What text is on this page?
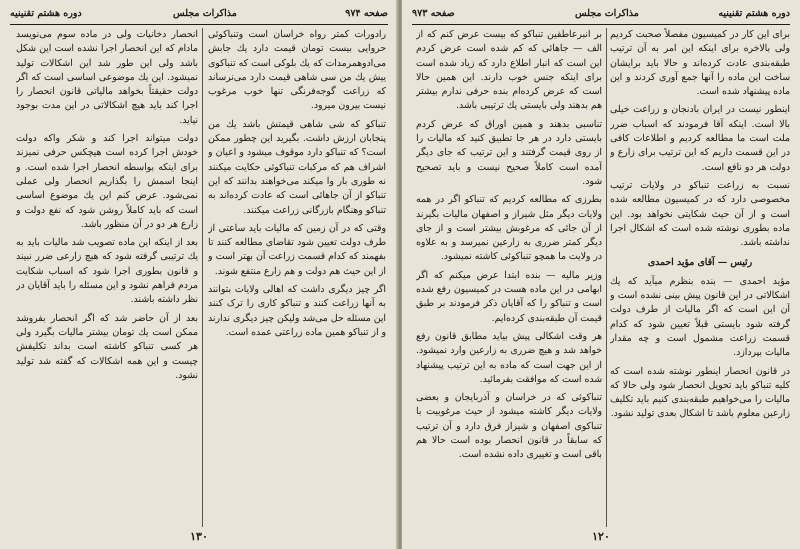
صفحه ۹۷۴
مذاکرات مجلس
دوره هشتم تقنینیه

رادورات کمتر رواه خراسان است وتنباکوئی حروایی بیست تومان قیمت دارد یك جابش می‌ادوهمرمدات که یك بلوکی است که تنباکوی ییش یك من سی شاهی قیمت دارد می‌نرساند که زراعت گوجه‌فرنگی تنها خوب مرغوب نیست بیرون میرود.

تنباکو که شی شاهی قیمتش باشد یك من پنجابان ارزش داشت. بگیرید این چطور ممکن است؟ که تنباکو دارد موقوف میشود و اعیان و اشراف هم که مرکبات تنباکوئی حکایت میکنند نه طوری بار وا میکند می‌خواهند بدانند که این تنباکو از آن جاهائی است که عادت کرده‌اند به تنباکو وهنگام بازرگانی زراعت میکنند.

وقتی که در آن زمین که مالیات باید ساعتی از طرف دولت تعیین شود تقاضای مطالعه کنند تا بفهمند که کدام قسمت زراعت آن بهتر است و از این حیث هم دولت و هم زارع منتفع شوند.

اگر چیز دیگری داشت که اهالی ولایات بتوانند به آنها زراعت کنند و تنباکو کاری را ترک کنند این مسئله حل می‌شد ولیکن چیز دیگری ندارند و از تنباکو همین ماده زراعتی عمده است.

انحصار دخانیات ولی در ماده سوم می‌نویسد مادام که این انحصار اجرا نشده است این شکل باشد ولی این طور شد این اشکالات تولید نمیشود. این یك موضوعی اساسی است که اگر دولت حقیقتاً بخواهد مالیاتی قانون انحصار را اجرا کند باید هیچ اشکالاتی در این مدت بوجود نیاید.

دولت میتواند اجرا کند و شکر واکه دولت خودش اجرا کرده است هیچکس حرفی نمیزند برای اینکه بواسطه انحصار اجرا شده است. و اینجا اسمش را بگذاریم انحصار ولی عملی نمی‌شود. عرض کنم این یك موضوع اساسی است که باید کاملاً روشن شود که نفع دولت و زارع هر دو در آن منظور باشد.

بعد از اینکه این ماده تصویب شد مالیات باید به یك ترتیبی گرفته شود که هیچ زارعی ضرر نبیند و قانون بطوری اجرا شود که اسباب شکایت مردم فراهم نشود و این مسئله را باید آقایان در نظر داشته باشند.

بعد از آن حاضر شد که اگر انحصار بفروشد ممکن است یك تومان بیشتر مالیات بگیرد ولی هر کسی تنباکو کاشته است بداند تکلیفش چیست و این همه اشکالات که گفته شد تولید نشود.

۱۳۰
دوره هشتم تقنینیه
مذاکرات مجلس
صفحه ۹۷۳

برای این کار در کمیسیون مفصلاً صحبت کردیم ولی بالاخره برای اینکه این امر به آن ترتیب طبقه‌بندی عادت کرده‌اند و حالا باید برایشان ساخت این ماده را آنها جمع آوری کردند و این ماده پیشنهاد شده است.

اینطور نیست در ایران بادنجان و زراعت خیلی بالا است. اینکه آقا فرمودند که اسباب ضرر ملت است ما مطالعه کردیم و اطلاعات کافی در این قسمت داریم که این ترتیب برای زارع و دولت هر دو نافع است.

نسبت به زراعت تنباکو در ولایات ترتیب مخصوصی دارد که در کمیسیون مطالعه شده است و از آن حیث شکایتی نخواهد بود. این ماده بطوری نوشته شده است که اشکال اجرا نداشته باشد.

رئیس — آقای مؤید احمدی

مؤید احمدی — بنده بنظرم میآید که یك اشکالاتی در این قانون پیش بینی نشده است و آن این است که اگر مالیات از طرف دولت گرفته شود بایستی قبلاً تعیین شود که کدام قسمت زراعت مشمول است و چه مقدار مالیات بپردازد.

در قانون انحصار اینطور نوشته شده است که کلیه تنباکو باید تحویل انحصار شود ولی حالا که مالیات را می‌خواهیم طبقه‌بندی کنیم باید تکلیف زارعین معلوم باشد تا اشکال بعدی تولید نشود.

بر انبرعاطفین تنباکو که بیست عرض کنم که از الف — جاهائی که کم شده است عرض کردم این است که انبار اطلاع دارد که زیاد شده است برای اینکه جنس خوب دارند. این همین حالا است که عرض کرده‌ام بنده حرفی ندارم بیشتر هم بدهند ولی بایستی یك ترتیبی باشد.

تناسبی بدهند و همین اوراق که عرض کردم بایستی دارد در هر جا تطبیق کنید که مالیات را از روی قیمت گرفتند و این ترتیب که جای دیگر آمده است کاملاً صحیح نیست و باید تصحیح شود.

بطرزی که مطالعه کردیم که تنباکو اگر در همه ولایات دیگر مثل شیراز و اصفهان مالیات بگیرند از آن جائی که مرغوبش بیشتر است و از جای دیگر کمتر ضرری به زارعین نمیرسد و به علاوه در ولایت ما همچو تنباکوئی کاشته نمیشود.

وزیر مالیه — بنده ابتدا عرض میکنم که اگر ابهامی در این ماده هست در کمیسیون رفع شده است و تنباکو را که آقایان ذکر فرمودند بر طبق قیمت آن طبقه‌بندی کرده‌ایم.

هر وقت اشکالی پیش بیاید مطابق قانون رفع خواهد شد و هیچ ضرری به زارعین وارد نمیشود. از این جهت است که ماده به این ترتیب پیشنهاد شده است که موافقت بفرمائید.

تنباکوئی که در خراسان و آذربایجان و بعضی ولایات دیگر کاشته میشود از حیث مرغوبیت با تنباکوی اصفهان و شیراز فرق دارد و آن ترتیب که سابقاً در قانون انحصار بوده است حالا هم باقی است و تغییری داده نشده است.

۱۲۰
